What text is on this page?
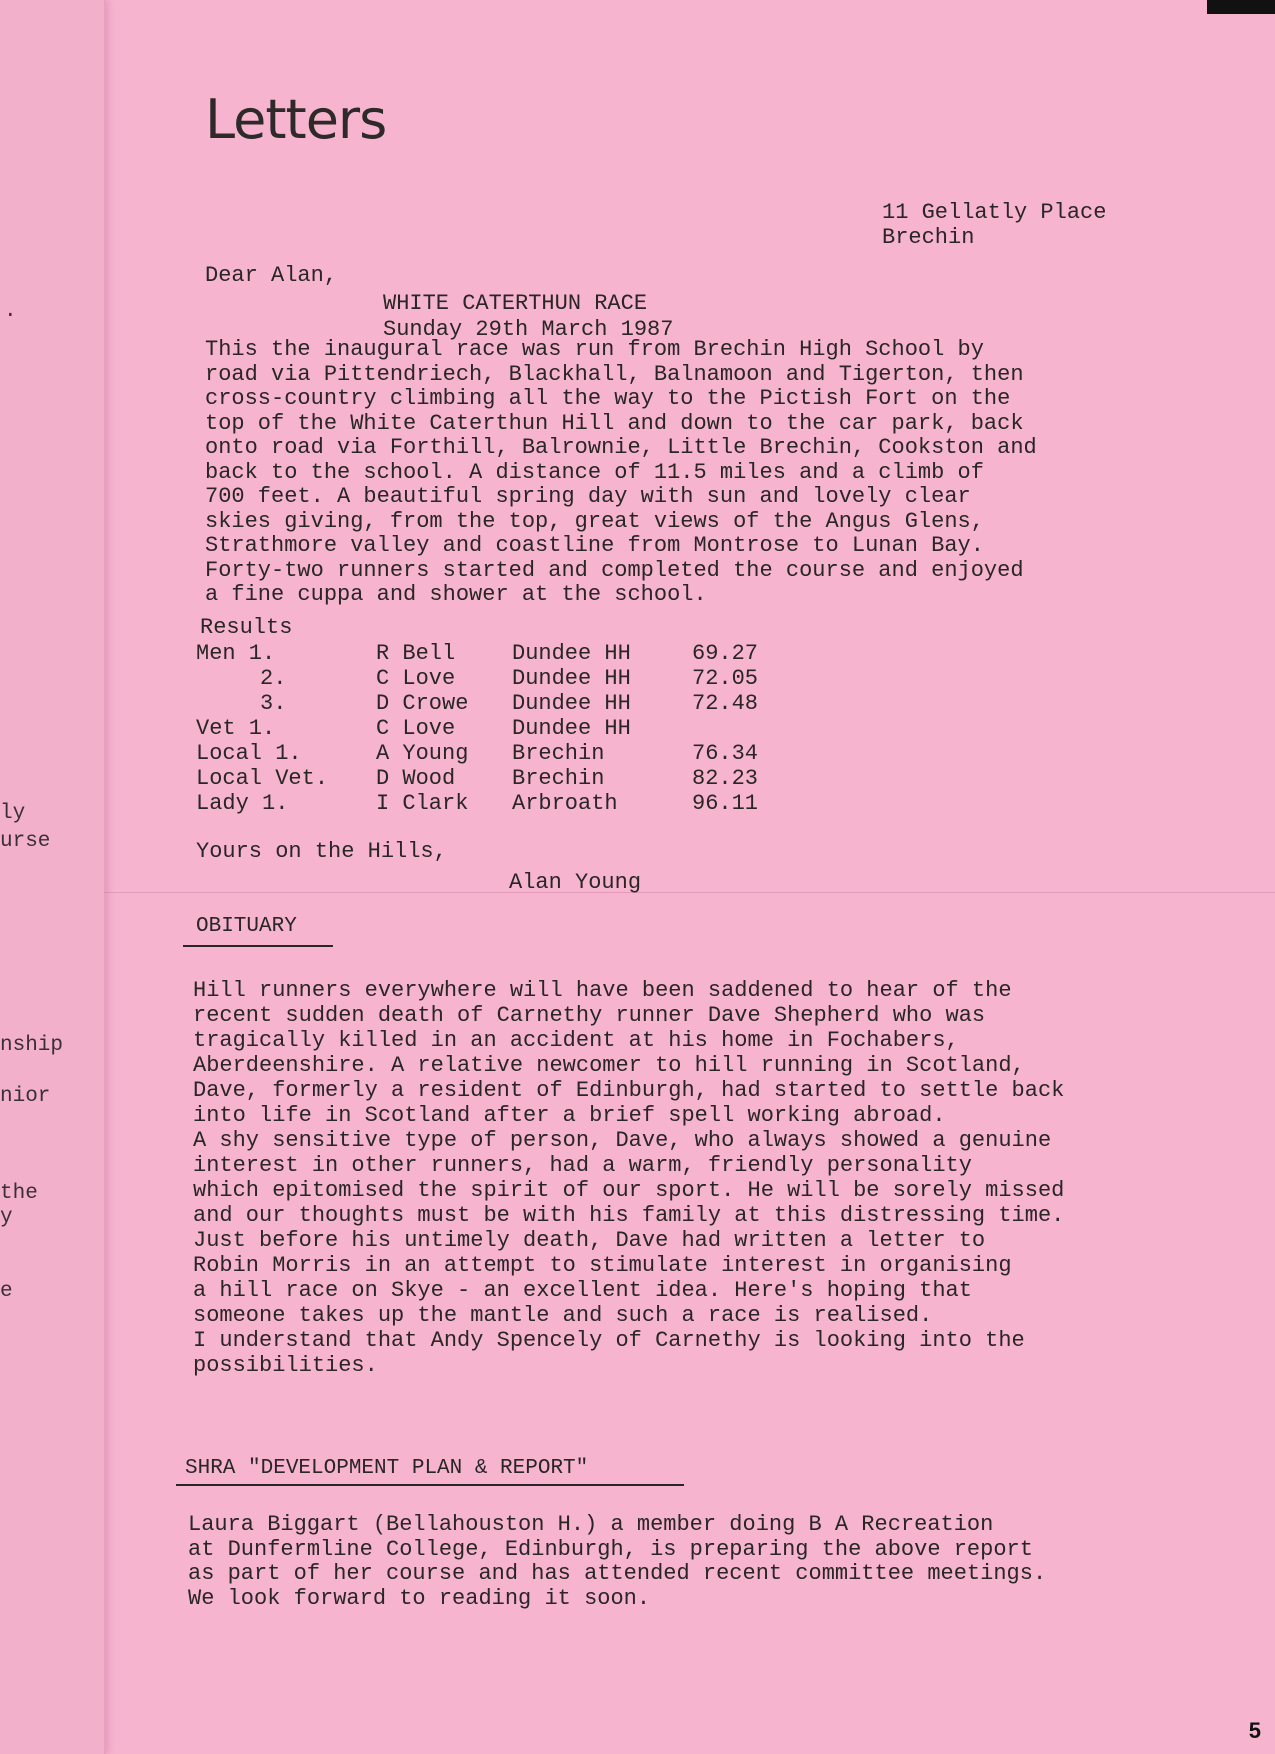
.
ly
urse
nship
nior
the
y
e
Letters
11 Gellatly Place
Brechin
Dear Alan,
WHITE CATERTHUN RACE
Sunday 29th March 1987
This the inaugural race was run from Brechin High School by
road via Pittendriech, Blackhall, Balnamoon and Tigerton, then
cross-country climbing all the way to the Pictish Fort on the
top of the White Caterthun Hill and down to the car park, back
onto road via Forthill, Balrownie, Little Brechin, Cookston and
back to the school. A distance of 11.5 miles and a climb of
700 feet. A beautiful spring day with sun and lovely clear
skies giving, from the top, great views of the Angus Glens,
Strathmore valley and coastline from Montrose to Lunan Bay.
Forty-two runners started and completed the course and enjoyed
a fine cuppa and shower at the school.
Results
Men 1.	R Bell	Dundee HH	69.27
2.	C Love	Dundee HH	72.05
3.	D Crowe	Dundee HH	72.48
Vet 1.	C Love	Dundee HH	
Local 1.	A Young	Brechin	76.34
Local Vet.	D Wood	Brechin	82.23
Lady 1.	I Clark	Arbroath	96.11
Yours on the Hills,
Alan Young
OBITUARY
Hill runners everywhere will have been saddened to hear of the
recent sudden death of Carnethy runner Dave Shepherd who was
tragically killed in an accident at his home in Fochabers,
Aberdeenshire. A relative newcomer to hill running in Scotland,
Dave, formerly a resident of Edinburgh, had started to settle back
into life in Scotland after a brief spell working abroad.
A shy sensitive type of person, Dave, who always showed a genuine
interest in other runners, had a warm, friendly personality
which epitomised the spirit of our sport. He will be sorely missed
and our thoughts must be with his family at this distressing time.
Just before his untimely death, Dave had written a letter to
Robin Morris in an attempt to stimulate interest in organising
a hill race on Skye - an excellent idea. Here's hoping that
someone takes up the mantle and such a race is realised.
I understand that Andy Spencely of Carnethy is looking into the
possibilities.
SHRA "DEVELOPMENT PLAN & REPORT"
Laura Biggart (Bellahouston H.) a member doing B A Recreation
at Dunfermline College, Edinburgh, is preparing the above report
as part of her course and has attended recent committee meetings.
We look forward to reading it soon.
5
